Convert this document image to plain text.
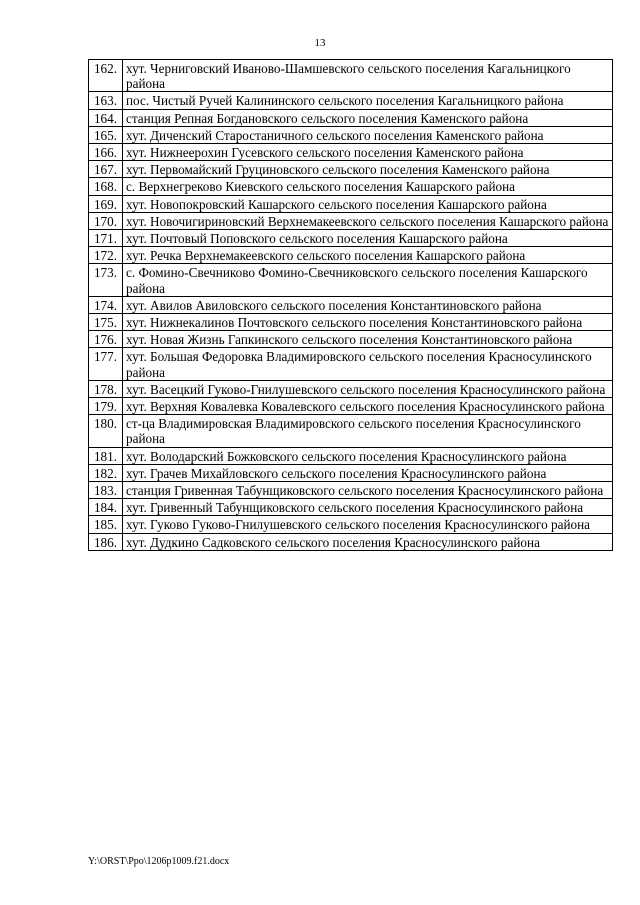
13
162.	хут. Черниговский Иваново-Шамшевского сельского поселения Кагальницкого района
163.	пос. Чистый Ручей Калининского сельского поселения Кагальницкого района
164.	станция Репная Богдановского сельского поселения Каменского района
165.	хут. Диченский Старостаничного сельского поселения Каменского района
166.	хут. Нижнеерохин Гусевского сельского поселения Каменского района
167.	хут. Первомайский Груциновского сельского поселения Каменского района
168.	с. Верхнегреково Киевского сельского поселения Кашарского района
169.	хут. Новопокровский Кашарского сельского поселения Кашарского района
170.	хут. Новочигириновский Верхнемакеевского сельского поселения Кашарского района
171.	хут. Почтовый Поповского сельского поселения Кашарского района
172.	хут. Речка Верхнемакеевского сельского поселения Кашарского района
173.	с. Фомино-Свечниково Фомино-Свечниковского сельского поселения Кашарского района
174.	хут. Авилов Авиловского сельского поселения Константиновского района
175.	хут. Нижнекалинов Почтовского сельского поселения Константиновского района
176.	хут. Новая Жизнь Гапкинского сельского поселения Константиновского района
177.	хут. Большая Федоровка Владимировского сельского поселения Красносулинского района
178.	хут. Васецкий Гуково-Гнилушевского сельского поселения Красносулинского района
179.	хут. Верхняя Ковалевка Ковалевского сельского поселения Красносулинского района
180.	ст-ца Владимировская Владимировского сельского поселения Красносулинского района
181.	хут. Володарский Божковского сельского поселения Красносулинского района
182.	хут. Грачев Михайловского сельского поселения Красносулинского района
183.	станция Гривенная Табунщиковского сельского поселения Красносулинского района
184.	хут. Гривенный Табунщиковского сельского поселения Красносулинского района
185.	хут. Гуково Гуково-Гнилушевского сельского поселения Красносулинского района
186.	хут. Дудкино Садковского сельского поселения Красносулинского района
Y:\ORST\Ppo\1206p1009.f21.docx
